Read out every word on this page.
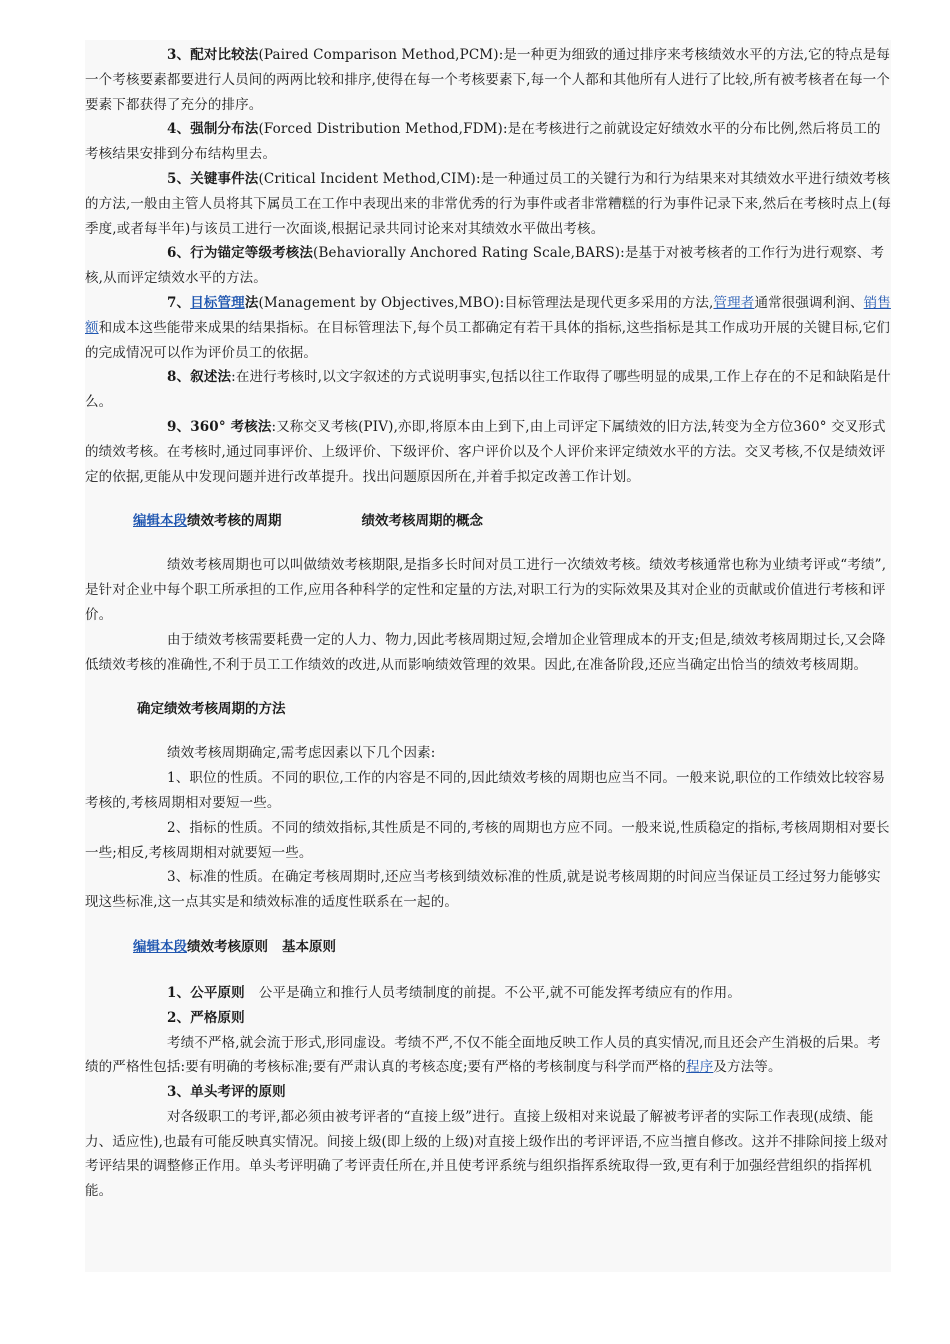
3、配对比较法(Paired Comparison Method,PCM):是一种更为细致的通过排序来考核绩效水平的方法,它的特点是每一个考核要素都要进行人员间的两两比较和排序,使得在每一个考核要素下,每一个人都和其他所有人进行了比较,所有被考核者在每一个要素下都获得了充分的排序。

4、强制分布法(Forced Distribution Method,FDM):是在考核进行之前就设定好绩效水平的分布比例,然后将员工的考核结果安排到分布结构里去。

5、关键事件法(Critical Incident Method,CIM):是一种通过员工的关键行为和行为结果来对其绩效水平进行绩效考核的方法,一般由主管人员将其下属员工在工作中表现出来的非常优秀的行为事件或者非常糟糕的行为事件记录下来,然后在考核时点上(每季度,或者每半年)与该员工进行一次面谈,根据记录共同讨论来对其绩效水平做出考核。

6、行为锚定等级考核法(Behaviorally Anchored Rating Scale,BARS):是基于对被考核者的工作行为进行观察、考核,从而评定绩效水平的方法。

7、目标管理法(Management by Objectives,MBO):目标管理法是现代更多采用的方法,管理者通常很强调利润、销售额和成本这些能带来成果的结果指标。在目标管理法下,每个员工都确定有若干具体的指标,这些指标是其工作成功开展的关键目标,它们的完成情况可以作为评价员工的依据。

8、叙述法:在进行考核时,以文字叙述的方式说明事实,包括以往工作取得了哪些明显的成果,工作上存在的不足和缺陷是什么。

9、360° 考核法:又称交叉考核(PIV),亦即,将原本由上到下,由上司评定下属绩效的旧方法,转变为全方位360° 交叉形式的绩效考核。在考核时,通过同事评价、上级评价、下级评价、客户评价以及个人评价来评定绩效水平的方法。交叉考核,不仅是绩效评定的依据,更能从中发现问题并进行改革提升。找出问题原因所在,并着手拟定改善工作计划。

编辑本段绩效考核的周期	绩效考核周期的概念

绩效考核周期也可以叫做绩效考核期限,是指多长时间对员工进行一次绩效考核。绩效考核通常也称为业绩考评或“考绩”,是针对企业中每个职工所承担的工作,应用各种科学的定性和定量的方法,对职工行为的实际效果及其对企业的贡献或价值进行考核和评价。

由于绩效考核需要耗费一定的人力、物力,因此考核周期过短,会增加企业管理成本的开支;但是,绩效考核周期过长,又会降低绩效考核的准确性,不利于员工工作绩效的改进,从而影响绩效管理的效果。因此,在准备阶段,还应当确定出恰当的绩效考核周期。

确定绩效考核周期的方法

绩效考核周期确定,需考虑因素以下几个因素:

1、职位的性质。不同的职位,工作的内容是不同的,因此绩效考核的周期也应当不同。一般来说,职位的工作绩效比较容易考核的,考核周期相对要短一些。

2、指标的性质。不同的绩效指标,其性质是不同的,考核的周期也方应不同。一般来说,性质稳定的指标,考核周期相对要长一些;相反,考核周期相对就要短一些。

3、标准的性质。在确定考核周期时,还应当考核到绩效标准的性质,就是说考核周期的时间应当保证员工经过努力能够实现这些标准,这一点其实是和绩效标准的适度性联系在一起的。

编辑本段绩效考核原则 基本原则

1、公平原则 公平是确立和推行人员考绩制度的前提。不公平,就不可能发挥考绩应有的作用。

2、严格原则

考绩不严格,就会流于形式,形同虚设。考绩不严,不仅不能全面地反映工作人员的真实情况,而且还会产生消极的后果。考绩的严格性包括:要有明确的考核标准;要有严肃认真的考核态度;要有严格的考核制度与科学而严格的程序及方法等。

3、单头考评的原则

对各级职工的考评,都必须由被考评者的“直接上级”进行。直接上级相对来说最了解被考评者的实际工作表现(成绩、能力、适应性),也最有可能反映真实情况。间接上级(即上级的上级)对直接上级作出的考评评语,不应当擅自修改。这并不排除间接上级对考评结果的调整修正作用。单头考评明确了考评责任所在,并且使考评系统与组织指挥系统取得一致,更有利于加强经营组织的指挥机能。
